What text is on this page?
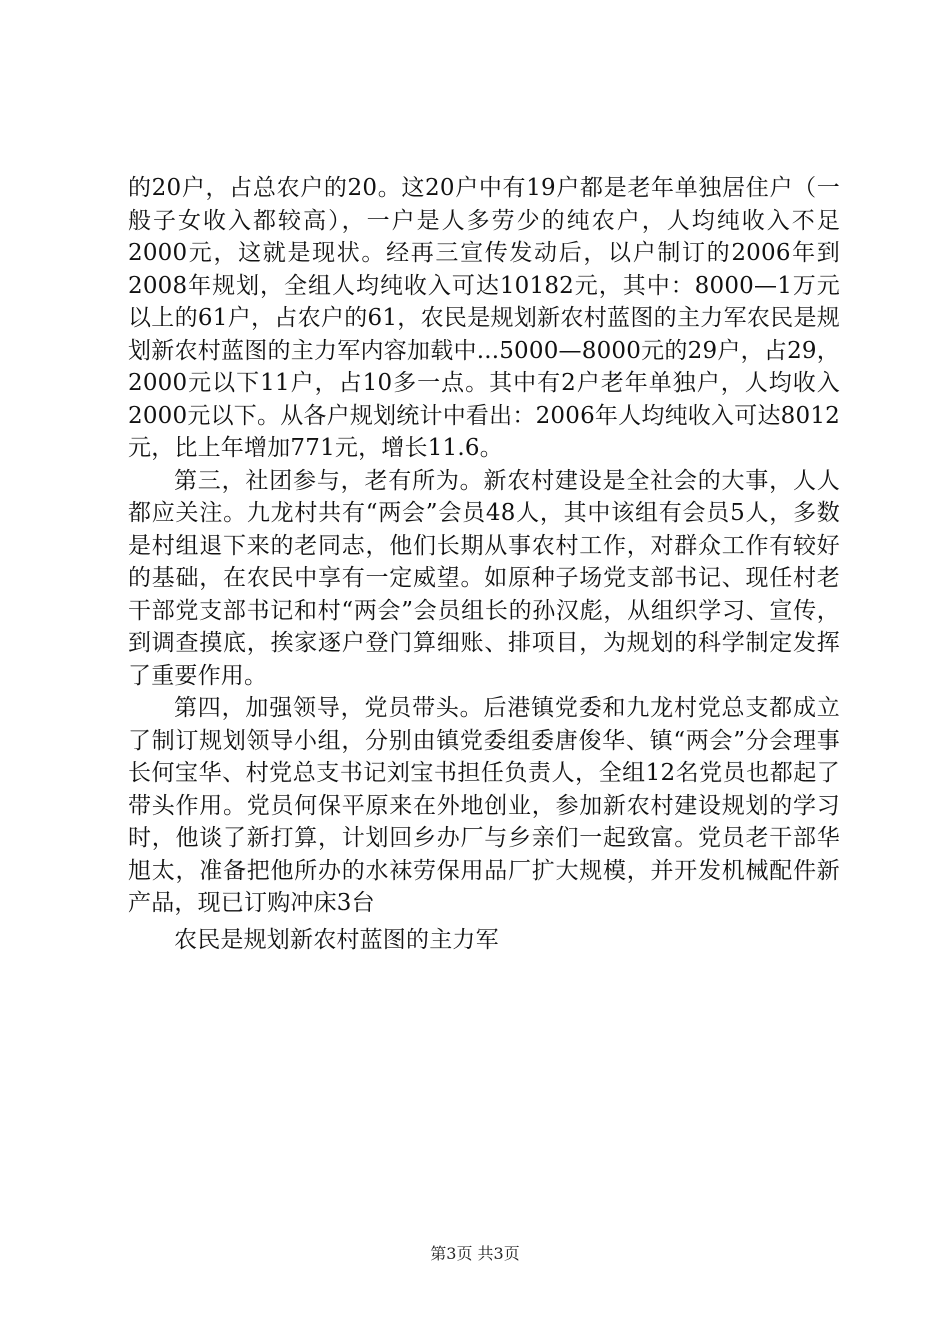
的20户，占总农户的20。这20户中有19户都是老年单独居住户（一般子女收入都较高），一户是人多劳少的纯农户，人均纯收入不足2000元，这就是现状。经再三宣传发动后，以户制订的2006年到2008年规划，全组人均纯收入可达10182元，其中：8000—1万元以上的61户，占农户的61，农民是规划新农村蓝图的主力军农民是规划新农村蓝图的主力军内容加载中...5000—8000元的29户，占29，2000元以下11户，占10多一点。其中有2户老年单独户，人均收入2000元以下。从各户规划统计中看出：2006年人均纯收入可达8012元，比上年增加771元，增长11.6。

第三，社团参与，老有所为。新农村建设是全社会的大事，人人都应关注。九龙村共有“两会”会员48人，其中该组有会员5人，多数是村组退下来的老同志，他们长期从事农村工作，对群众工作有较好的基础，在农民中享有一定威望。如原种子场党支部书记、现任村老干部党支部书记和村“两会”会员组长的孙汉彪，从组织学习、宣传，到调查摸底，挨家逐户登门算细账、排项目，为规划的科学制定发挥了重要作用。

第四，加强领导，党员带头。后港镇党委和九龙村党总支都成立了制订规划领导小组，分别由镇党委组委唐俊华、镇“两会”分会理事长何宝华、村党总支书记刘宝书担任负责人，全组12名党员也都起了带头作用。党员何保平原来在外地创业，参加新农村建设规划的学习时，他谈了新打算，计划回乡办厂与乡亲们一起致富。党员老干部华旭太，准备把他所办的水袜劳保用品厂扩大规模，并开发机械配件新产品，现已订购冲床3台

农民是规划新农村蓝图的主力军

第3页 共3页
